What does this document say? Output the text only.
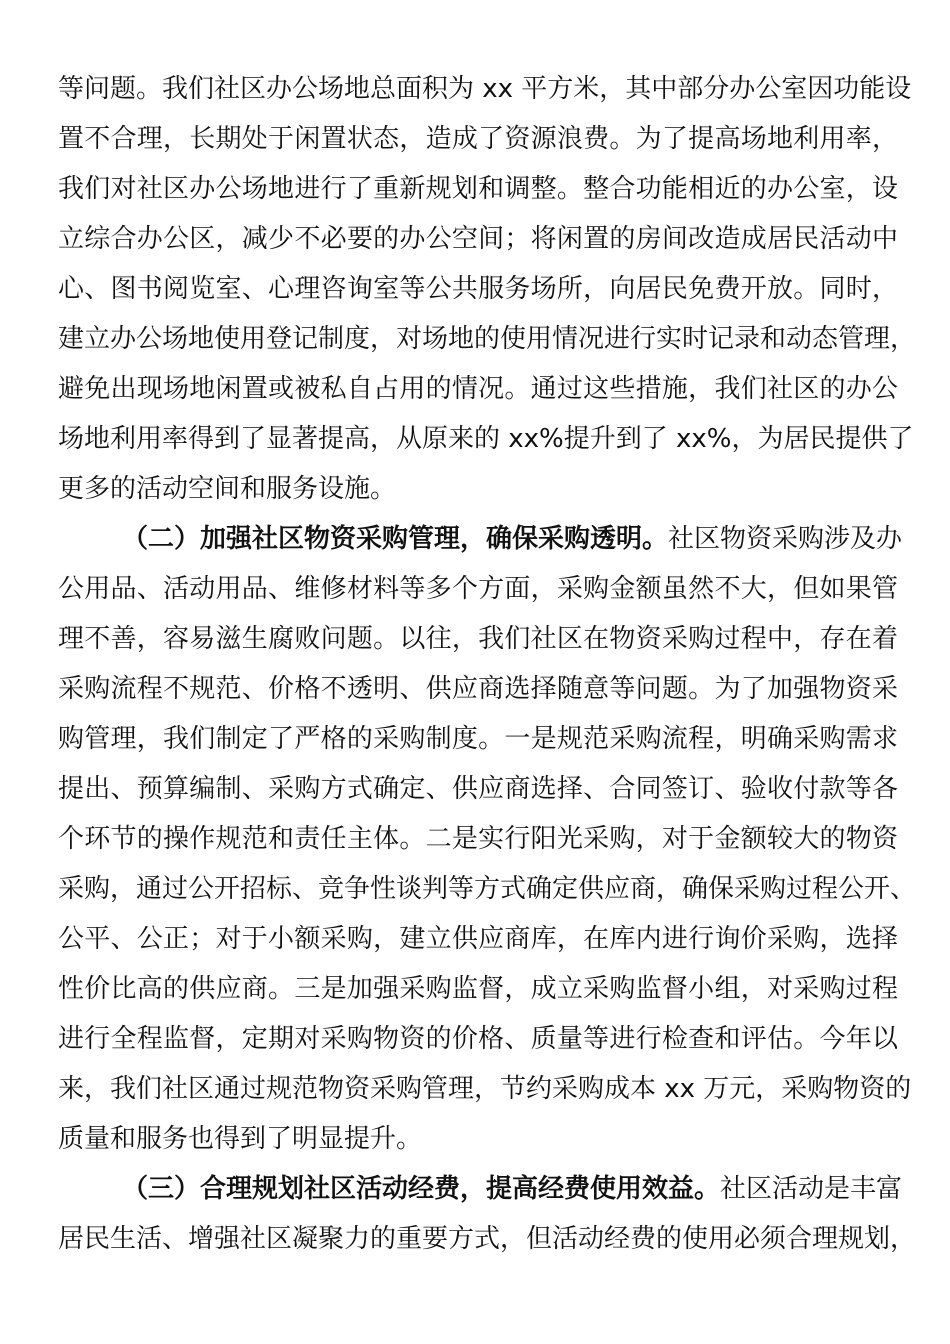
等问题。我们社区办公场地总面积为 xx 平方米，其中部分办公室因功能设
置不合理，长期处于闲置状态，造成了资源浪费。为了提高场地利用率，
我们对社区办公场地进行了重新规划和调整。整合功能相近的办公室，设
立综合办公区，减少不必要的办公空间；将闲置的房间改造成居民活动中
心、图书阅览室、心理咨询室等公共服务场所，向居民免费开放。同时，
建立办公场地使用登记制度，对场地的使用情况进行实时记录和动态管理，
避免出现场地闲置或被私自占用的情况。通过这些措施，我们社区的办公
场地利用率得到了显著提高，从原来的 xx%提升到了 xx%，为居民提供了
更多的活动空间和服务设施。
（二）加强社区物资采购管理，确保采购透明。社区物资采购涉及办
公用品、活动用品、维修材料等多个方面，采购金额虽然不大，但如果管
理不善，容易滋生腐败问题。以往，我们社区在物资采购过程中，存在着
采购流程不规范、价格不透明、供应商选择随意等问题。为了加强物资采
购管理，我们制定了严格的采购制度。一是规范采购流程，明确采购需求
提出、预算编制、采购方式确定、供应商选择、合同签订、验收付款等各
个环节的操作规范和责任主体。二是实行阳光采购，对于金额较大的物资
采购，通过公开招标、竞争性谈判等方式确定供应商，确保采购过程公开、
公平、公正；对于小额采购，建立供应商库，在库内进行询价采购，选择
性价比高的供应商。三是加强采购监督，成立采购监督小组，对采购过程
进行全程监督，定期对采购物资的价格、质量等进行检查和评估。今年以
来，我们社区通过规范物资采购管理，节约采购成本 xx 万元，采购物资的
质量和服务也得到了明显提升。
（三）合理规划社区活动经费，提高经费使用效益。社区活动是丰富
居民生活、增强社区凝聚力的重要方式，但活动经费的使用必须合理规划，
